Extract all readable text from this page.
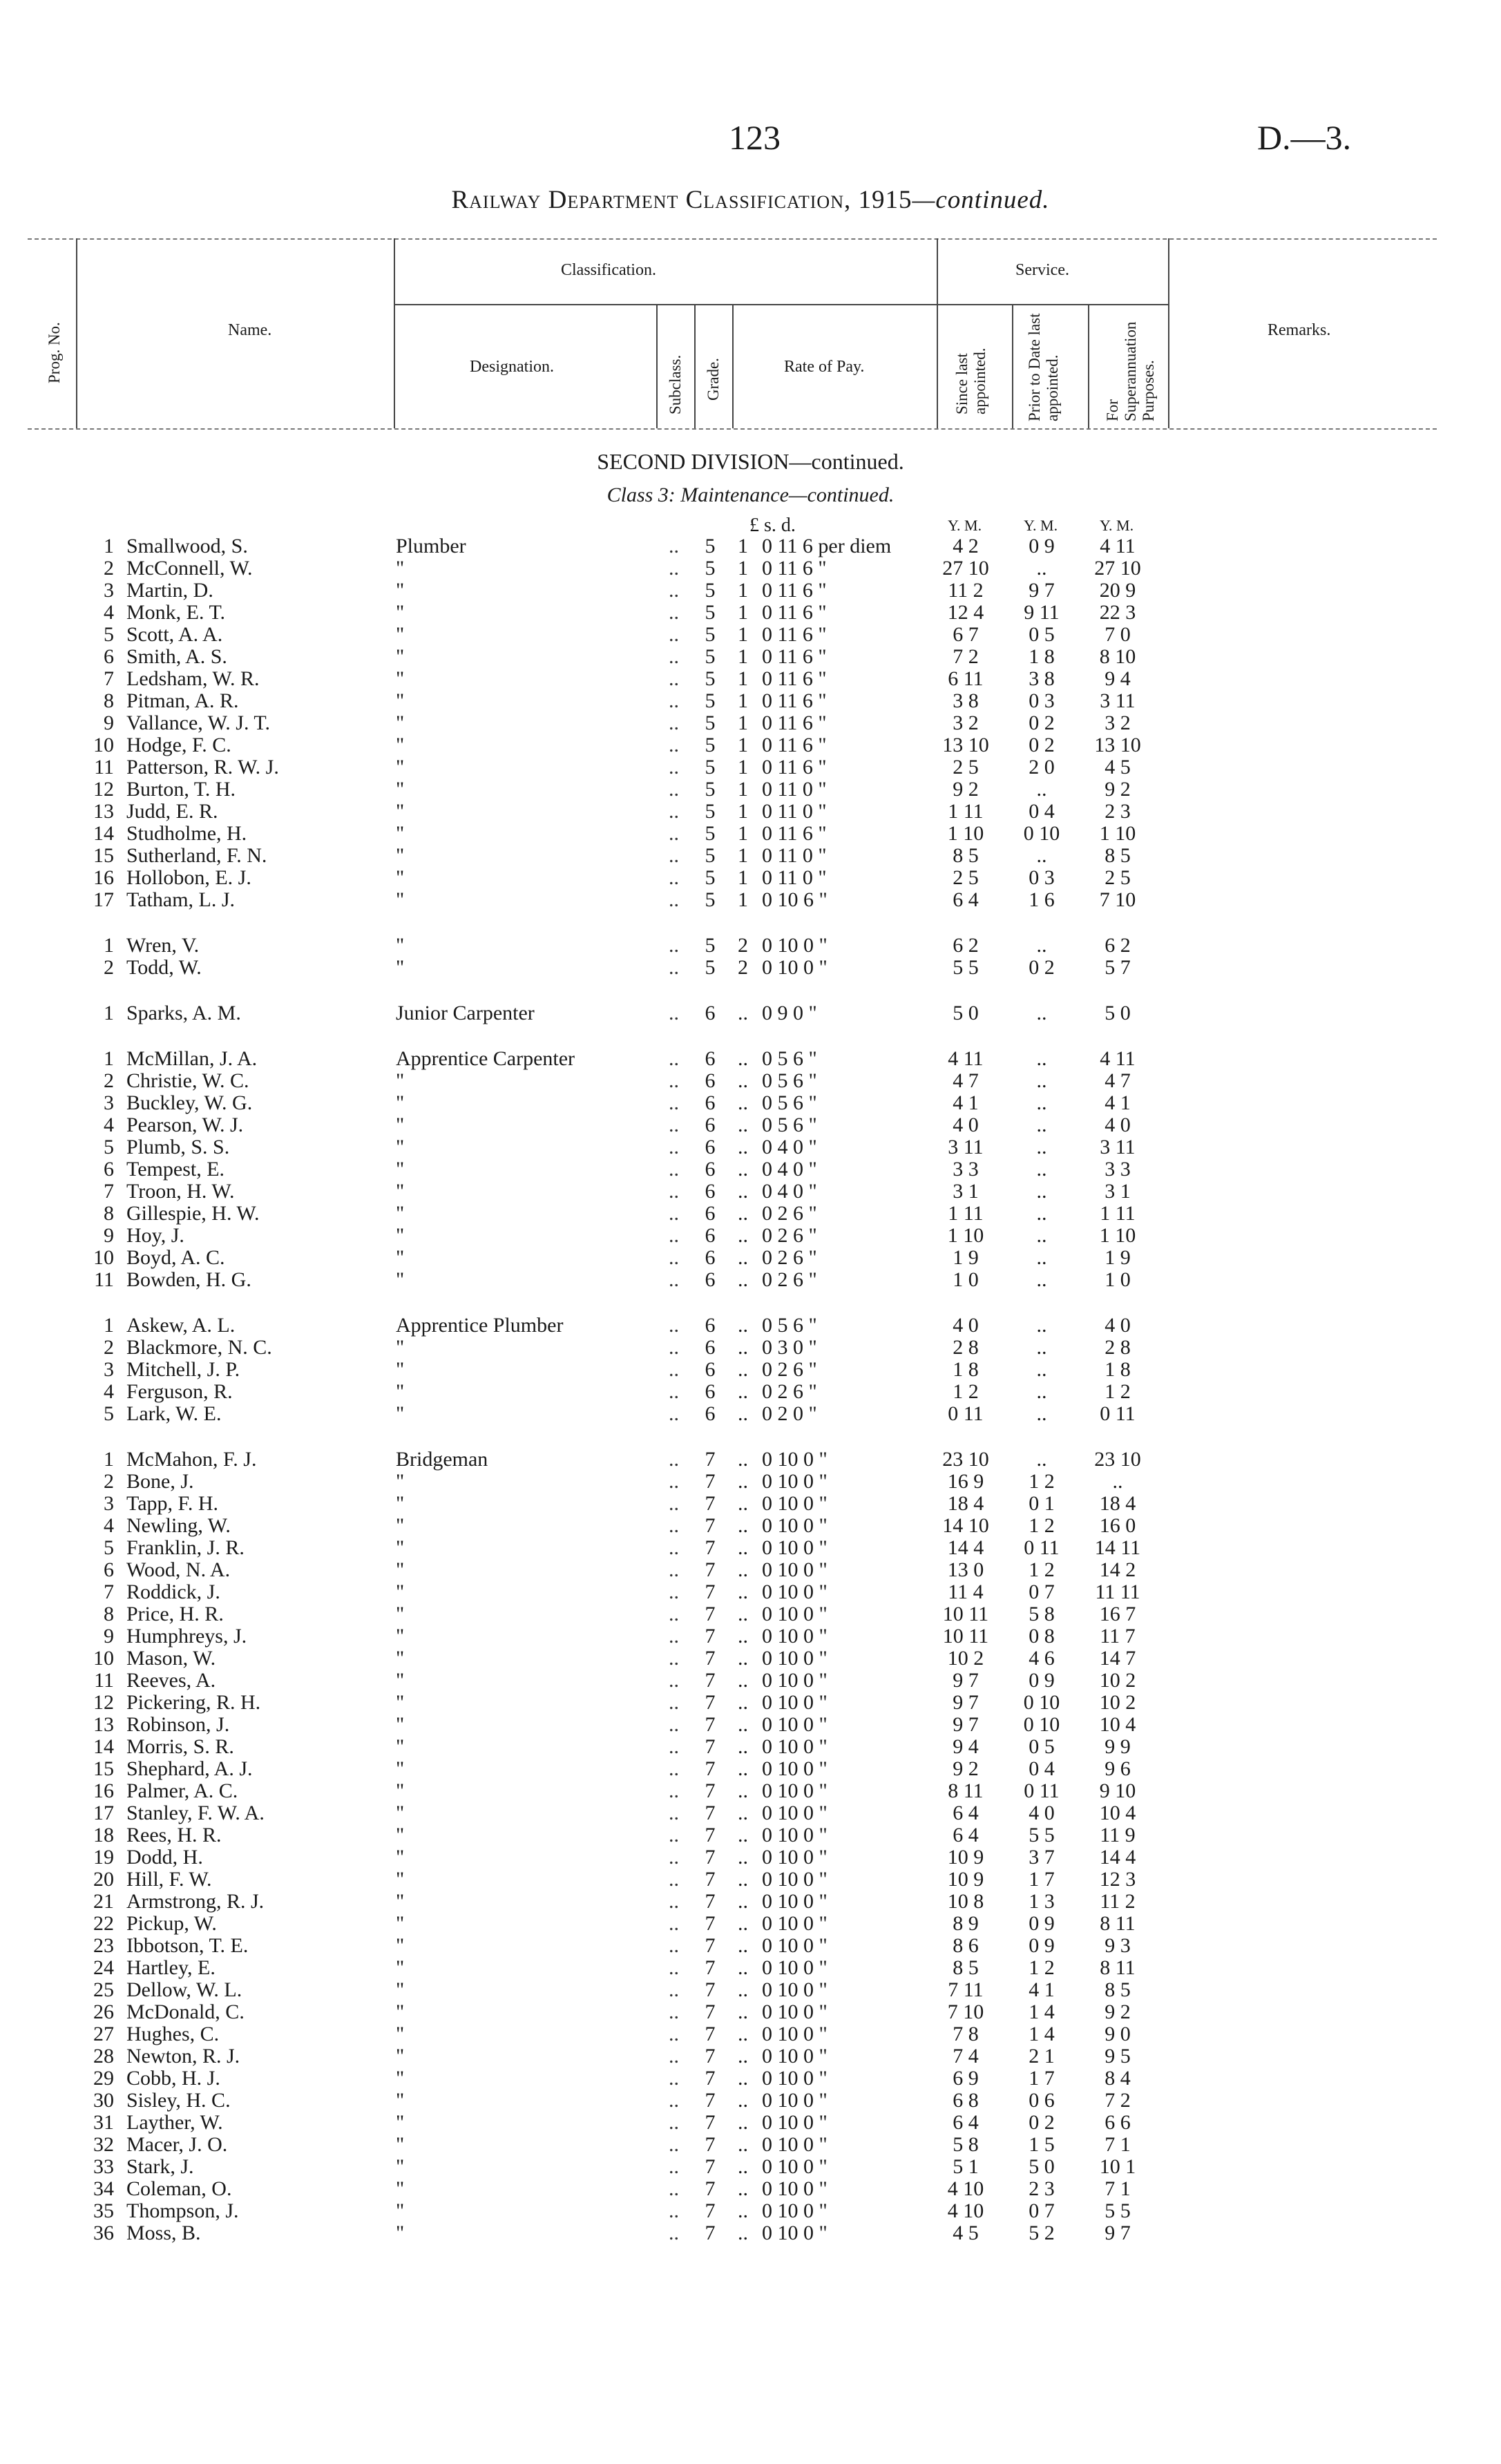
123	D.—3.
Railway Department Classification, 1915—continued.
Prog. No.	Name.
Classification.	Service.
Designation.	Subclass. Grade.	Rate of Pay.	Since last appointed. Prior to Date last appointed.	For Superannuation Purposes.
Remarks.
SECOND DIVISION—continued.
Class 3: Maintenance—continued.
£ s. d.	Y. M.	Y. M.	Y. M.
1	Smallwood, S.	Plumber	..	5	1	0 11 6 per diem	4 2	0 9	4 11
2	McConnell, W.	"	..	5	1	0 11 6 "	27 10	..	27 10
3	Martin, D.	"	..	5	1	0 11 6 "	11 2	9 7	20 9
4	Monk, E. T.	"	..	5	1	0 11 6 "	12 4	9 11	22 3
5	Scott, A. A.	"	..	5	1	0 11 6 "	6 7	0 5	7 0
6	Smith, A. S.	"	..	5	1	0 11 6 "	7 2	1 8	8 10
7	Ledsham, W. R.	"	..	5	1	0 11 6 "	6 11	3 8	9 4
8	Pitman, A. R.	"	..	5	1	0 11 6 "	3 8	0 3	3 11
9	Vallance, W. J. T.	"	..	5	1	0 11 6 "	3 2	0 2	3 2
10	Hodge, F. C.	"	..	5	1	0 11 6 "	13 10	0 2	13 10
11	Patterson, R. W. J.	"	..	5	1	0 11 6 "	2 5	2 0	4 5
12	Burton, T. H.	"	..	5	1	0 11 0 "	9 2	..	9 2
13	Judd, E. R.	"	..	5	1	0 11 0 "	1 11	0 4	2 3
14	Studholme, H.	"	..	5	1	0 11 6 "	1 10	0 10	1 10
15	Sutherland, F. N.	"	..	5	1	0 11 0 "	8 5	..	8 5
16	Hollobon, E. J.	"	..	5	1	0 11 0 "	2 5	0 3	2 5
17	Tatham, L. J.	"	..	5	1	0 10 6 "	6 4	1 6	7 10

1	Wren, V.	"	..	5	2	0 10 0 "	6 2	..	6 2
2	Todd, W.	"	..	5	2	0 10 0 "	5 5	0 2	5 7

1	Sparks, A. M.	Junior Carpenter	..	6	..	0 9 0 "	5 0	..	5 0

1	McMillan, J. A.	Apprentice Carpenter	..	6	..	0 5 6 "	4 11	..	4 11
2	Christie, W. C.	"	..	6	..	0 5 6 "	4 7	..	4 7
3	Buckley, W. G.	"	..	6	..	0 5 6 "	4 1	..	4 1
4	Pearson, W. J.	"	..	6	..	0 5 6 "	4 0	..	4 0
5	Plumb, S. S.	"	..	6	..	0 4 0 "	3 11	..	3 11
6	Tempest, E.	"	..	6	..	0 4 0 "	3 3	..	3 3
7	Troon, H. W.	"	..	6	..	0 4 0 "	3 1	..	3 1
8	Gillespie, H. W.	"	..	6	..	0 2 6 "	1 11	..	1 11
9	Hoy, J.	"	..	6	..	0 2 6 "	1 10	..	1 10
10	Boyd, A. C.	"	..	6	..	0 2 6 "	1 9	..	1 9
11	Bowden, H. G.	"	..	6	..	0 2 6 "	1 0	..	1 0

1	Askew, A. L.	Apprentice Plumber	..	6	..	0 5 6 "	4 0	..	4 0
2	Blackmore, N. C.	"	..	6	..	0 3 0 "	2 8	..	2 8
3	Mitchell, J. P.	"	..	6	..	0 2 6 "	1 8	..	1 8
4	Ferguson, R.	"	..	6	..	0 2 6 "	1 2	..	1 2
5	Lark, W. E.	"	..	6	..	0 2 0 "	0 11	..	0 11

1	McMahon, F. J.	Bridgeman	..	7	..	0 10 0 "	23 10	..	23 10
2	Bone, J.	"	..	7	..	0 10 0 "	16 9	1 2	..
3	Tapp, F. H.	"	..	7	..	0 10 0 "	18 4	0 1	18 4
4	Newling, W.	"	..	7	..	0 10 0 "	14 10	1 2	16 0
5	Franklin, J. R.	"	..	7	..	0 10 0 "	14 4	0 11	14 11
6	Wood, N. A.	"	..	7	..	0 10 0 "	13 0	1 2	14 2
7	Roddick, J.	"	..	7	..	0 10 0 "	11 4	0 7	11 11
8	Price, H. R.	"	..	7	..	0 10 0 "	10 11	5 8	16 7
9	Humphreys, J.	"	..	7	..	0 10 0 "	10 11	0 8	11 7
10	Mason, W.	"	..	7	..	0 10 0 "	10 2	4 6	14 7
11	Reeves, A.	"	..	7	..	0 10 0 "	9 7	0 9	10 2
12	Pickering, R. H.	"	..	7	..	0 10 0 "	9 7	0 10	10 2
13	Robinson, J.	"	..	7	..	0 10 0 "	9 7	0 10	10 4
14	Morris, S. R.	"	..	7	..	0 10 0 "	9 4	0 5	9 9
15	Shephard, A. J.	"	..	7	..	0 10 0 "	9 2	0 4	9 6
16	Palmer, A. C.	"	..	7	..	0 10 0 "	8 11	0 11	9 10
17	Stanley, F. W. A.	"	..	7	..	0 10 0 "	6 4	4 0	10 4
18	Rees, H. R.	"	..	7	..	0 10 0 "	6 4	5 5	11 9
19	Dodd, H.	"	..	7	..	0 10 0 "	10 9	3 7	14 4
20	Hill, F. W.	"	..	7	..	0 10 0 "	10 9	1 7	12 3
21	Armstrong, R. J.	"	..	7	..	0 10 0 "	10 8	1 3	11 2
22	Pickup, W.	"	..	7	..	0 10 0 "	8 9	0 9	8 11
23	Ibbotson, T. E.	"	..	7	..	0 10 0 "	8 6	0 9	9 3
24	Hartley, E.	"	..	7	..	0 10 0 "	8 5	1 2	8 11
25	Dellow, W. L.	"	..	7	..	0 10 0 "	7 11	4 1	8 5
26	McDonald, C.	"	..	7	..	0 10 0 "	7 10	1 4	9 2
27	Hughes, C.	"	..	7	..	0 10 0 "	7 8	1 4	9 0
28	Newton, R. J.	"	..	7	..	0 10 0 "	7 4	2 1	9 5
29	Cobb, H. J.	"	..	7	..	0 10 0 "	6 9	1 7	8 4
30	Sisley, H. C.	"	..	7	..	0 10 0 "	6 8	0 6	7 2
31	Layther, W.	"	..	7	..	0 10 0 "	6 4	0 2	6 6
32	Macer, J. O.	"	..	7	..	0 10 0 "	5 8	1 5	7 1
33	Stark, J.	"	..	7	..	0 10 0 "	5 1	5 0	10 1
34	Coleman, O.	"	..	7	..	0 10 0 "	4 10	2 3	7 1
35	Thompson, J.	"	..	7	..	0 10 0 "	4 10	0 7	5 5
36	Moss, B.	"	..	7	..	0 10 0 "	4 5	5 2	9 7
